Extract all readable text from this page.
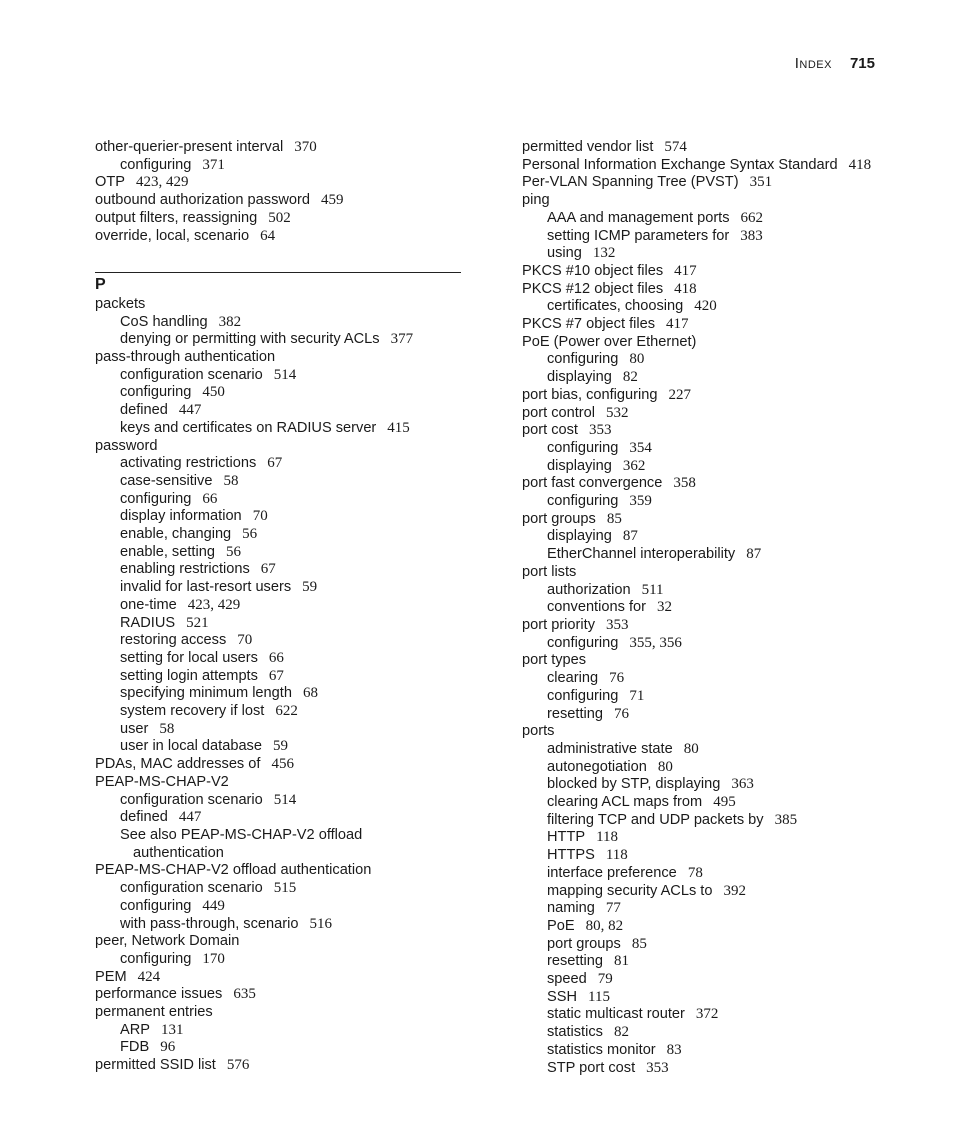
Index 715
other-querier-present interval 370
configuring 371
OTP 423, 429
outbound authorization password 459
output filters, reassigning 502
override, local, scenario 64
P
packets
CoS handling 382
denying or permitting with security ACLs 377
pass-through authentication
configuration scenario 514
configuring 450
defined 447
keys and certificates on RADIUS server 415
password
activating restrictions 67
case-sensitive 58
configuring 66
display information 70
enable, changing 56
enable, setting 56
enabling restrictions 67
invalid for last-resort users 59
one-time 423, 429
RADIUS 521
restoring access 70
setting for local users 66
setting login attempts 67
specifying minimum length 68
system recovery if lost 622
user 58
user in local database 59
PDAs, MAC addresses of 456
PEAP-MS-CHAP-V2
configuration scenario 514
defined 447
See also PEAP-MS-CHAP-V2 offload
authentication
PEAP-MS-CHAP-V2 offload authentication
configuration scenario 515
configuring 449
with pass-through, scenario 516
peer, Network Domain
configuring 170
PEM 424
performance issues 635
permanent entries
ARP 131
FDB 96
permitted SSID list 576
permitted vendor list 574
Personal Information Exchange Syntax Standard 418
Per-VLAN Spanning Tree (PVST) 351
ping
AAA and management ports 662
setting ICMP parameters for 383
using 132
PKCS #10 object files 417
PKCS #12 object files 418
certificates, choosing 420
PKCS #7 object files 417
PoE (Power over Ethernet)
configuring 80
displaying 82
port bias, configuring 227
port control 532
port cost 353
configuring 354
displaying 362
port fast convergence 358
configuring 359
port groups 85
displaying 87
EtherChannel interoperability 87
port lists
authorization 511
conventions for 32
port priority 353
configuring 355, 356
port types
clearing 76
configuring 71
resetting 76
ports
administrative state 80
autonegotiation 80
blocked by STP, displaying 363
clearing ACL maps from 495
filtering TCP and UDP packets by 385
HTTP 118
HTTPS 118
interface preference 78
mapping security ACLs to 392
naming 77
PoE 80, 82
port groups 85
resetting 81
speed 79
SSH 115
static multicast router 372
statistics 82
statistics monitor 83
STP port cost 353
